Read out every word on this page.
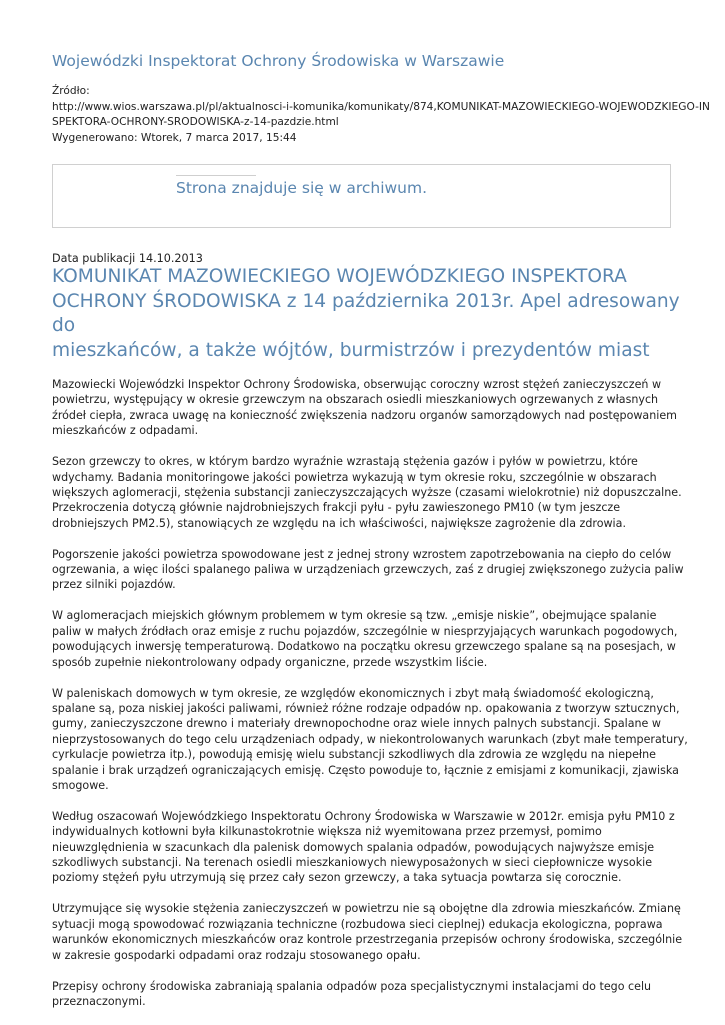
Wojewódzki Inspektorat Ochrony Środowiska w Warszawie
Źródło:
http://www.wios.warszawa.pl/pl/aktualnosci-i-komunika/komunikaty/874,KOMUNIKAT-MAZOWIECKIEGO-WOJEWODZKIEGO-IN
SPEKTORA-OCHRONY-SRODOWISKA-z-14-pazdzie.html
Wygenerowano: Wtorek, 7 marca 2017, 15:44
Strona znajduje się w archiwum.
Data publikacji 14.10.2013
KOMUNIKAT MAZOWIECKIEGO WOJEWÓDZKIEGO INSPEKTORA
OCHRONY ŚRODOWISKA z 14 października 2013r. Apel adresowany do
mieszkańców, a także wójtów, burmistrzów i prezydentów miast

Mazowiecki Wojewódzki Inspektor Ochrony Środowiska, obserwując coroczny wzrost stężeń zanieczyszczeń w
powietrzu, występujący w okresie grzewczym na obszarach osiedli mieszkaniowych ogrzewanych z własnych
źródeł ciepła, zwraca uwagę na konieczność zwiększenia nadzoru organów samorządowych nad postępowaniem
mieszkańców z odpadami.

Sezon grzewczy to okres, w którym bardzo wyraźnie wzrastają stężenia gazów i pyłów w powietrzu, które
wdychamy. Badania monitoringowe jakości powietrza wykazują w tym okresie roku, szczególnie w obszarach
większych aglomeracji, stężenia substancji zanieczyszczających wyższe (czasami wielokrotnie) niż dopuszczalne.
Przekroczenia dotyczą głównie najdrobniejszych frakcji pyłu - pyłu zawieszonego PM10 (w tym jeszcze
drobniejszych PM2.5), stanowiących ze względu na ich właściwości, największe zagrożenie dla zdrowia.

Pogorszenie jakości powietrza spowodowane jest z jednej strony wzrostem zapotrzebowania na ciepło do celów
ogrzewania, a więc ilości spalanego paliwa w urządzeniach grzewczych, zaś z drugiej zwiększonego zużycia paliw
przez silniki pojazdów.

W aglomeracjach miejskich głównym problemem w tym okresie są tzw. „emisje niskie”, obejmujące spalanie
paliw w małych źródłach oraz emisje z ruchu pojazdów, szczególnie w niesprzyjających warunkach pogodowych,
powodujących inwersję temperaturową. Dodatkowo na początku okresu grzewczego spalane są na posesjach, w
sposób zupełnie niekontrolowany odpady organiczne, przede wszystkim liście.

W paleniskach domowych w tym okresie, ze względów ekonomicznych i zbyt małą świadomość ekologiczną,
spalane są, poza niskiej jakości paliwami, również różne rodzaje odpadów np. opakowania z tworzyw sztucznych,
gumy, zanieczyszczone drewno i materiały drewnopochodne oraz wiele innych palnych substancji. Spalane w
nieprzystosowanych do tego celu urządzeniach odpady, w niekontrolowanych warunkach (zbyt małe temperatury,
cyrkulacje powietrza itp.), powodują emisję wielu substancji szkodliwych dla zdrowia ze względu na niepełne
spalanie i brak urządzeń ograniczających emisję. Często powoduje to, łącznie z emisjami z komunikacji, zjawiska
smogowe.

Według oszacowań Wojewódzkiego Inspektoratu Ochrony Środowiska w Warszawie w 2012r. emisja pyłu PM10 z
indywidualnych kotłowni była kilkunastokrotnie większa niż wyemitowana przez przemysł, pomimo
nieuwzględnienia w szacunkach dla palenisk domowych spalania odpadów, powodujących najwyższe emisje
szkodliwych substancji. Na terenach osiedli mieszkaniowych niewyposażonych w sieci ciepłownicze wysokie
poziomy stężeń pyłu utrzymują się przez cały sezon grzewczy, a taka sytuacja powtarza się corocznie.

Utrzymujące się wysokie stężenia zanieczyszczeń w powietrzu nie są obojętne dla zdrowia mieszkańców. Zmianę
sytuacji mogą spowodować rozwiązania techniczne (rozbudowa sieci cieplnej) edukacja ekologiczna, poprawa
warunków ekonomicznych mieszkańców oraz kontrole przestrzegania przepisów ochrony środowiska, szczególnie
w zakresie gospodarki odpadami oraz rodzaju stosowanego opału.

Przepisy ochrony środowiska zabraniają spalania odpadów poza specjalistycznymi instalacjami do tego celu
przeznaczonymi.
